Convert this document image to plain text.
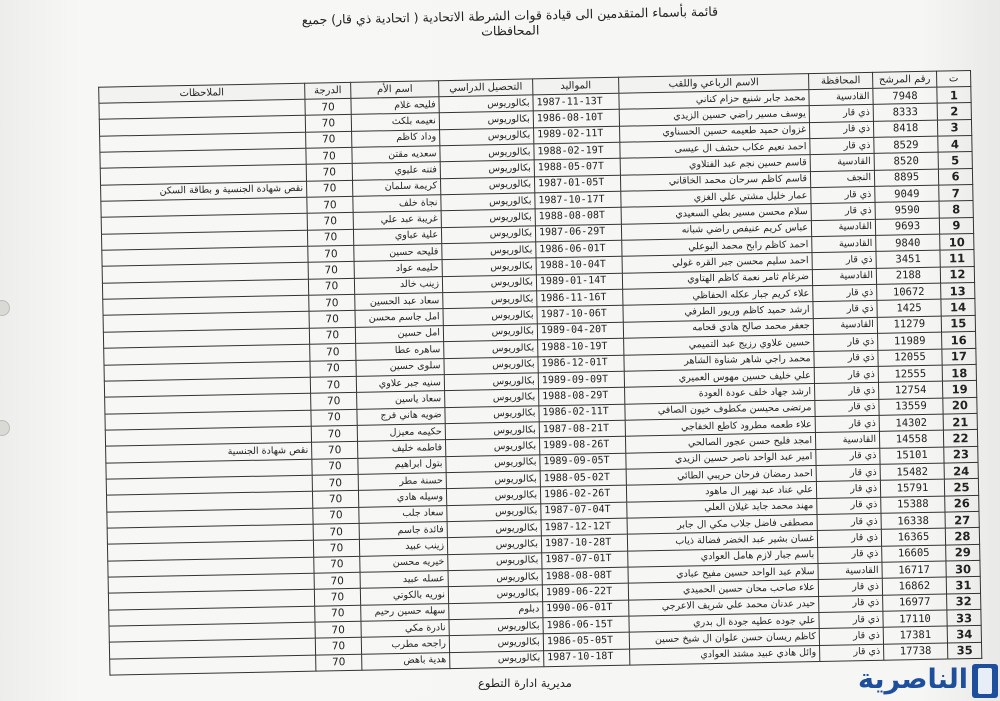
قائمة بأسماء المتقدمين الى قيادة قوات الشرطة الاتحادية ( اتحادية ذي قار) جميع المحافظات
ت	رقم المرشح	المحافظة	الاسم الرباعي واللقب	المواليد	التحصيل الدراسي	اسم الأم	الدرجة	الملاحظات
1	7948	القادسية	محمد جابر شنيع حزام كناني	1987-11-13T	بكالوريوس	فليحه غلام	70	
2	8333	ذي قار	يوسف مسير راضي حسين الزيدي	1986-08-10T	بكالوريوس	نعيمه بلكث	70	
3	8418	ذي قار	غزوان حميد طعيمه حسين الحسناوي	1989-02-11T	بكالوريوس	وداد كاظم	70	
4	8529	ذي قار	احمد نعيم عكاب حشف ال عيسى	1988-02-19T	بكالوريوس	سعديه مقتن	70	
5	8520	القادسية	قاسم حسين نجم عبد الفتلاوي	1988-05-07T	بكالوريوس	فتنه عليوي	70	
6	8895	النجف	قاسم كاظم سرحان محمد الخاقاني	1987-01-05T	بكالوريوس	كريمة سلمان	70	نقص شهادة الجنسية و بطاقة السكن
7	9049	ذي قار	عمار خليل مشتي علي الغزي	1987-10-17T	بكالوريوس	نجاة خلف	70	
8	9590	ذي قار	سلام محسن مسير بطي السعيدي	1988-08-08T	بكالوريوس	غريبة عبد علي	70	
9	9693	القادسية	عباس كريم عنيفص راضي شبانه	1987-06-29T	بكالوريوس	علية عباوي	70	
10	9840	القادسية	احمد كاظم رابح محمد البوعلي	1986-06-01T	بكالوريوس	فليحه حسين	70	
11	3451	ذي قار	احمد سليم محسن جبر القره غولي	1988-10-04T	بكالوريوس	حليمه عواد	70	
12	2188	القادسية	ضرغام ثامر نعمة كاظم الهتاوي	1989-01-14T	بكالوريوس	زينب خالد	70	
13	10672	ذي قار	علاء كريم جبار عكله الحفاظي	1986-11-16T	بكالوريوس	سعاد عبد الحسين	70	
14	1425	ذي قار	ارشد حميد كاظم وريور الطرفي	1987-10-06T	بكالوريوس	امل جاسم محسن	70	
15	11279	القادسية	جعفر محمد صالح هادي قحامه	1989-04-20T	بكالوريوس	امل حسين	70	
16	11989	ذي قار	حسين علاوي رزيج عبد التميمي	1988-10-19T	بكالوريوس	ساهره عطا	70	
17	12055	ذي قار	محمد راجي شاهر شناوة الشاهر	1986-12-01T	بكالوريوس	سلوى حسين	70	
18	12555	ذي قار	علي خليف حسين مهوس العميري	1989-09-09T	بكالوريوس	سنيه جبر علاوي	70	
19	12754	ذي قار	ارشد جهاد خلف عودة العودة	1988-08-29T	بكالوريوس	سعاد ياسين	70	
20	13559	ذي قار	مرتضى محيسن مكطوف خيون الصافي	1986-02-11T	بكالوريوس	ضويه هاني فرج	70	
21	14302	ذي قار	علاء طعمه مطرود كاطع الخفاجي	1987-08-21T	بكالوريوس	حكيمه معيزل	70	
22	14558	القادسية	امجد فليح حسن عجور الصالحي	1989-08-26T	بكالوريوس	فاطمه خليف	70	نقص شهادة الجنسية
23	15101	ذي قار	امير عبد الواحد ناصر حسين الزيدي	1989-09-05T	بكالوريوس	بتول ابراهيم	70	
24	15482	ذي قار	احمد رمضان فرحان حريبي الطائي	1988-05-02T	بكالوريوس	حسنة مطر	70	
25	15791	ذي قار	علي عناد عبد نهير ال ماهود	1986-02-26T	بكالوريوس	وسيله هادي	70	
26	15388	ذي قار	مهند محمد جايد غيلان العلي	1987-07-04T	بكالوريوس	سعاد جلب	70	
27	16338	ذي قار	مصطفى فاضل جلاب مكي ال جابر	1987-12-12T	بكالوريوس	فائدة جاسم	70	
28	16365	ذي قار	غسان بشير عبد الخضر فضالة ذياب	1987-10-28T	بكالوريوس	زينب عبيد	70	
29	16605	ذي قار	باسم جبار لازم هامل العوادي	1987-07-01T	بكالوريوس	خيريه محسن	70	
30	16717	القادسية	سلام عبد الواحد حسين مفيح عبادي	1988-08-08T	بكالوريوس	عسله عبيد	70	
31	16862	ذي قار	علاء صاحب محان حسين الحميدي	1989-06-22T	بكالوريوس	نوريه بالكوتي	70	
32	16977	ذي قار	حيدر عدنان محمد علي شريف الاعرجي	1990-06-01T	دبلوم	سهله حسين رحيم	70	
33	17110	ذي قار	علي جوده عطيه جودة ال بدري	1986-06-15T	بكالوريوس	نادرة مكي	70	
34	17381	ذي قار	كاظم ريسان حسن علوان ال شيخ حسين	1986-05-05T	بكالوريوس	راجحه مطرب	70	
35	17738	ذي قار	وائل هادي عبيد مشتد العوادي	1987-10-18T	بكالوريوس	هدية باهض	70	
مديرية ادارة التطوع	الناصرية
